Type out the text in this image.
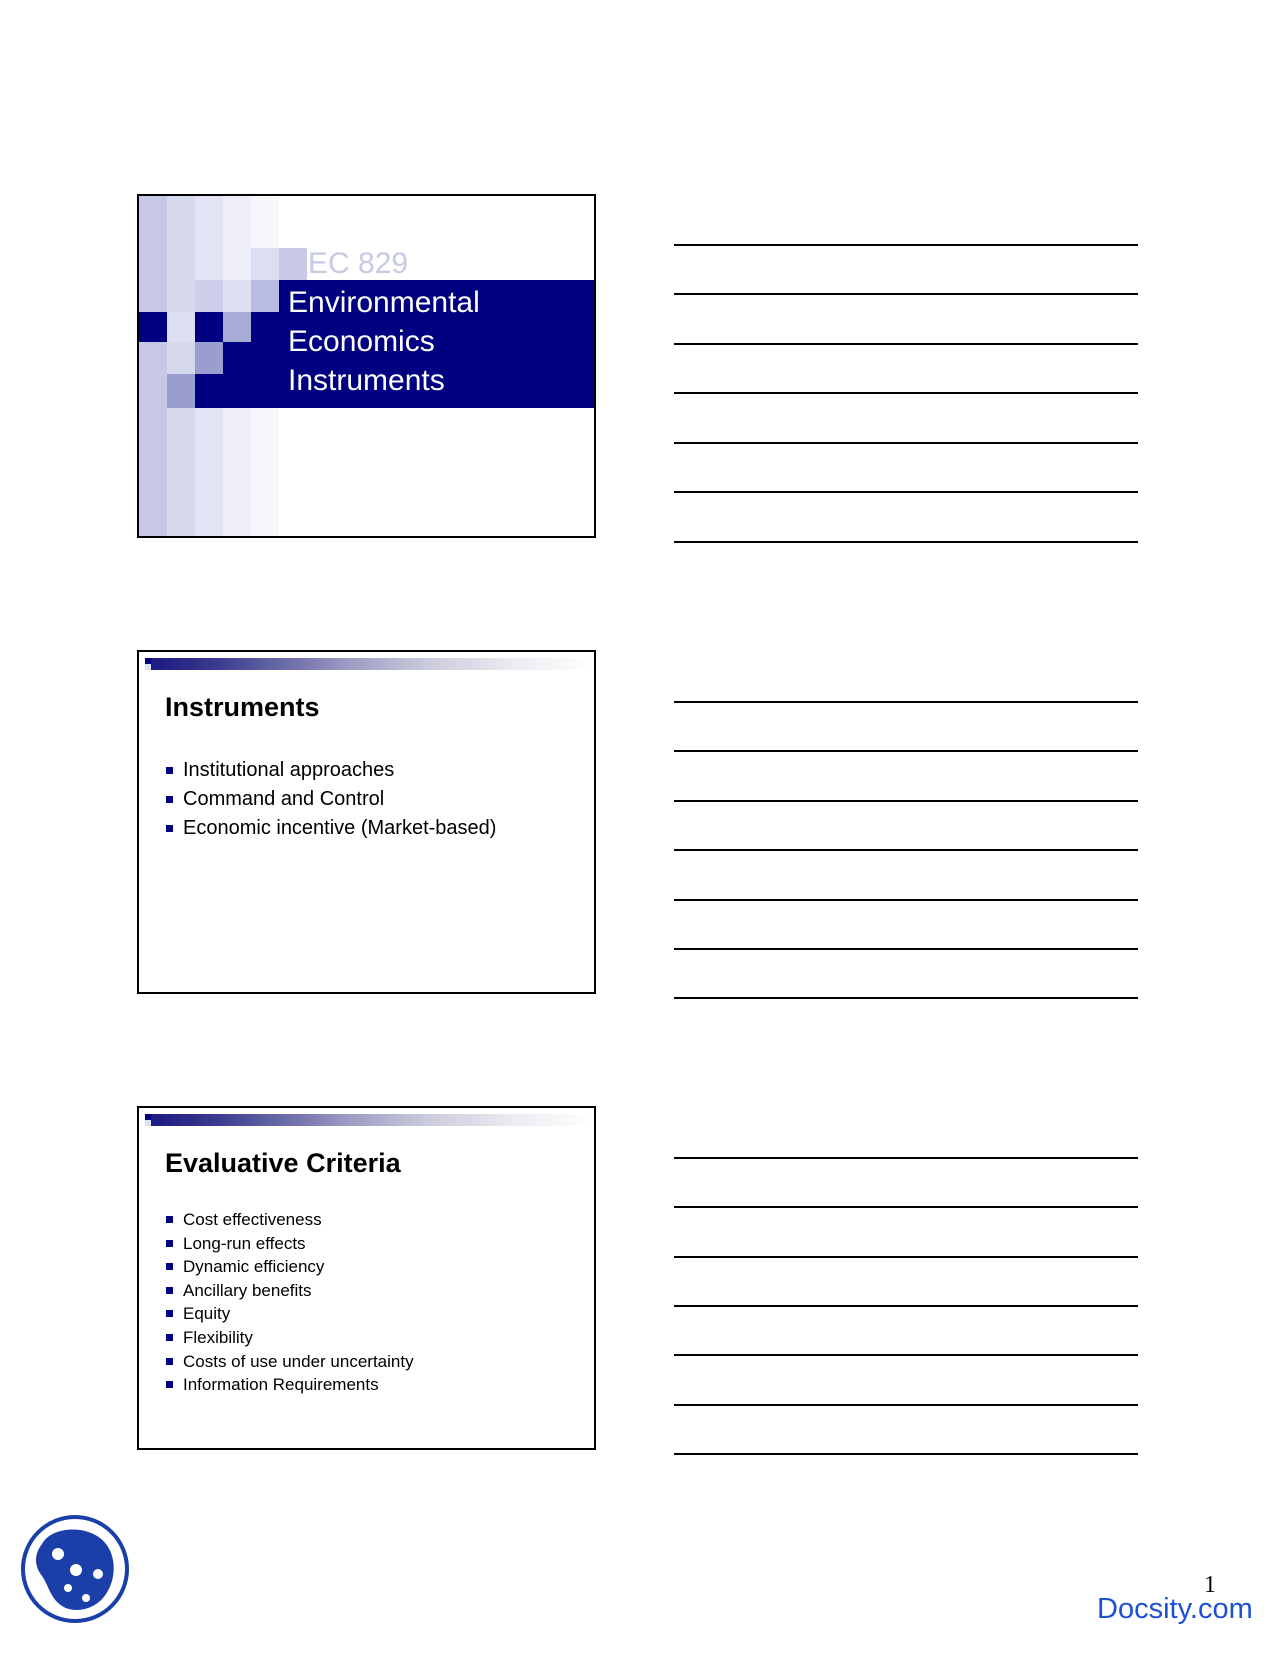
AEC 829
Environmental
Economics
Instruments
Instruments
Institutional approaches
Command and Control
Economic incentive (Market-based)
Evaluative Criteria
Cost effectiveness
Long-run effects
Dynamic efficiency
Ancillary benefits
Equity
Flexibility
Costs of use under uncertainty
Information Requirements
1
Docsity.com
